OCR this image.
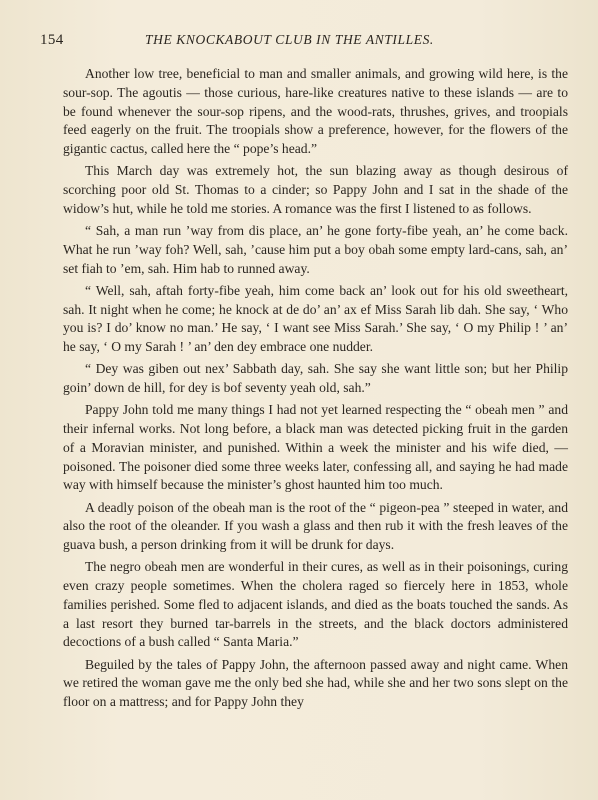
154	THE KNOCKABOUT CLUB IN THE ANTILLES.

Another low tree, beneficial to man and smaller animals, and growing wild here, is the sour-sop. The agoutis — those curious, hare-like creatures native to these islands — are to be found whenever the sour-sop ripens, and the wood-rats, thrushes, grives, and troopials feed eagerly on the fruit. The troopials show a preference, however, for the flowers of the gigantic cactus, called here the “ pope’s head.”

This March day was extremely hot, the sun blazing away as though desirous of scorching poor old St. Thomas to a cinder; so Pappy John and I sat in the shade of the widow’s hut, while he told me stories. A romance was the first I listened to as follows.

“ Sah, a man run ’way from dis place, an’ he gone forty-fibe yeah, an’ he come back. What he run ’way foh? Well, sah, ’cause him put a boy obah some empty lard-cans, sah, an’ set fiah to ’em, sah. Him hab to runned away.

“ Well, sah, aftah forty-fibe yeah, him come back an’ look out for his old sweetheart, sah. It night when he come; he knock at de do’ an’ ax ef Miss Sarah lib dah. She say, ‘ Who you is? I do’ know no man.’ He say, ‘ I want see Miss Sarah.’ She say, ‘ O my Philip ! ’ an’ he say, ‘ O my Sarah ! ’ an’ den dey embrace one nudder.

“ Dey was giben out nex’ Sabbath day, sah. She say she want little son; but her Philip goin’ down de hill, for dey is bof seventy yeah old, sah.”

Pappy John told me many things I had not yet learned respecting the “ obeah men ” and their infernal works. Not long before, a black man was detected picking fruit in the garden of a Moravian minister, and punished. Within a week the minister and his wife died, — poisoned. The poisoner died some three weeks later, confessing all, and saying he had made way with himself because the minister’s ghost haunted him too much.

A deadly poison of the obeah man is the root of the “ pigeon-pea ” steeped in water, and also the root of the oleander. If you wash a glass and then rub it with the fresh leaves of the guava bush, a person drinking from it will be drunk for days.

The negro obeah men are wonderful in their cures, as well as in their poisonings, curing even crazy people sometimes. When the cholera raged so fiercely here in 1853, whole families perished. Some fled to adjacent islands, and died as the boats touched the sands. As a last resort they burned tar-barrels in the streets, and the black doctors administered decoctions of a bush called “ Santa Maria.”

Beguiled by the tales of Pappy John, the afternoon passed away and night came. When we retired the woman gave me the only bed she had, while she and her two sons slept on the floor on a mattress; and for Pappy John they
